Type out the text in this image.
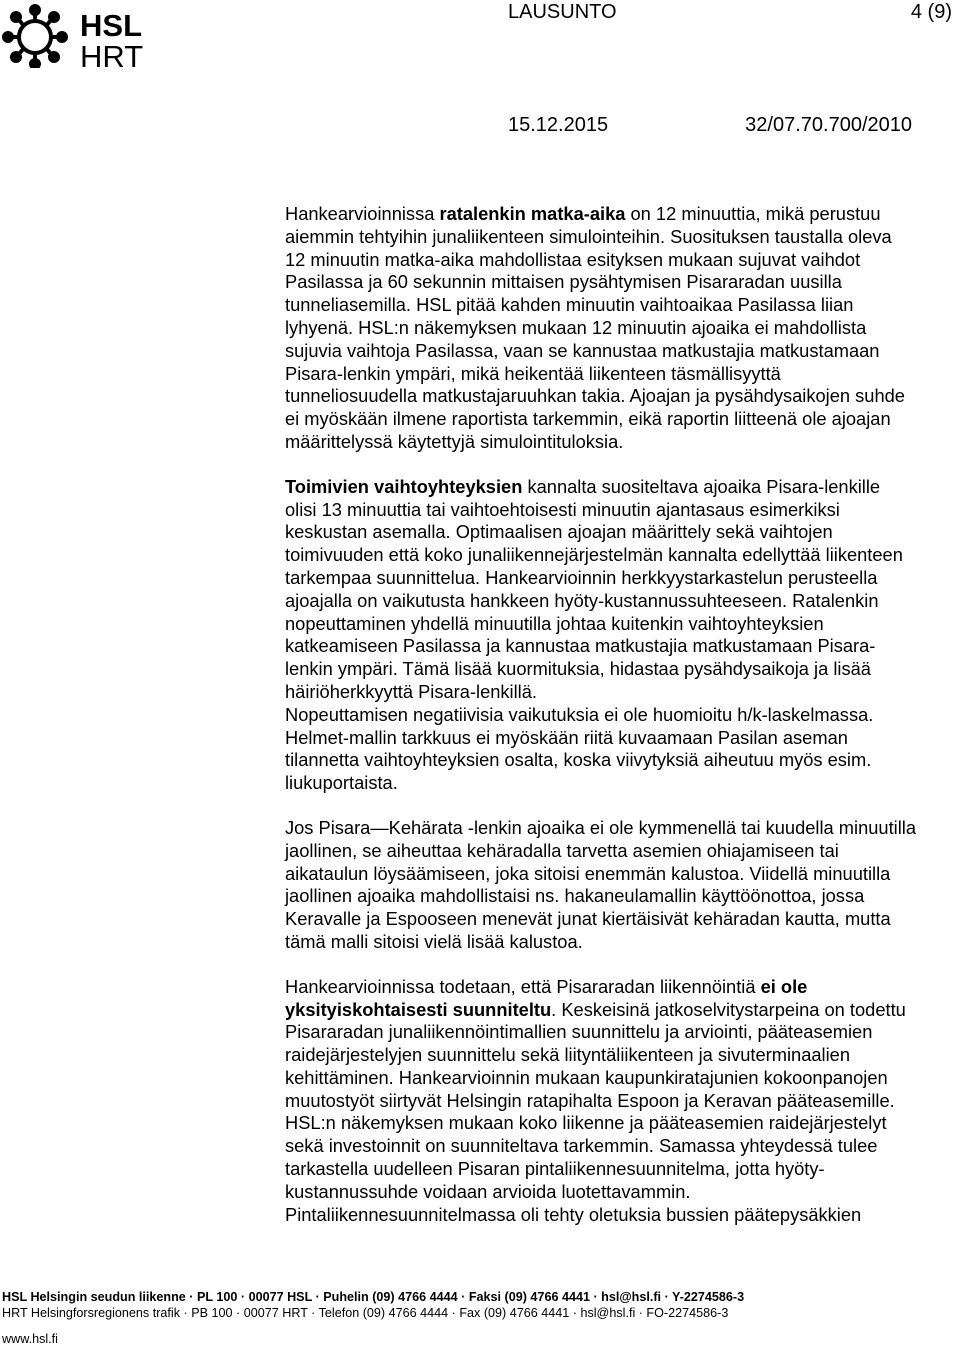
HSL
HRT
LAUSUNTO	4 (9)
15.12.2015	32/07.70.700/2010

Hankearvioinnissa ratalenkin matka-aika on 12 minuuttia, mikä perustuu
aiemmin tehtyihin junaliikenteen simulointeihin. Suosituksen taustalla oleva
12 minuutin matka-aika mahdollistaa esityksen mukaan sujuvat vaihdot
Pasilassa ja 60 sekunnin mittaisen pysähtymisen Pisararadan uusilla
tunneliasemilla. HSL pitää kahden minuutin vaihtoaikaa Pasilassa liian
lyhyenä. HSL:n näkemyksen mukaan 12 minuutin ajoaika ei mahdollista
sujuvia vaihtoja Pasilassa, vaan se kannustaa matkustajia matkustamaan
Pisara-lenkin ympäri, mikä heikentää liikenteen täsmällisyyttä
tunneliosuudella matkustajaruuhkan takia. Ajoajan ja pysähdysaikojen suhde
ei myöskään ilmene raportista tarkemmin, eikä raportin liitteenä ole ajoajan
määrittelyssä käytettyjä simulointituloksia.

Toimivien vaihtoyhteyksien kannalta suositeltava ajoaika Pisara-lenkille
olisi 13 minuuttia tai vaihtoehtoisesti minuutin ajantasaus esimerkiksi
keskustan asemalla. Optimaalisen ajoajan määrittely sekä vaihtojen
toimivuuden että koko junaliikennejärjestelmän kannalta edellyttää liikenteen
tarkempaa suunnittelua. Hankearvioinnin herkkyystarkastelun perusteella
ajoajalla on vaikutusta hankkeen hyöty-kustannussuhteeseen. Ratalenkin
nopeuttaminen yhdellä minuutilla johtaa kuitenkin vaihtoyhteyksien
katkeamiseen Pasilassa ja kannustaa matkustajia matkustamaan Pisara-
lenkin ympäri. Tämä lisää kuormituksia, hidastaa pysähdysaikoja ja lisää
häiriöherkkyyttä Pisara-lenkillä.
Nopeuttamisen negatiivisia vaikutuksia ei ole huomioitu h/k-laskelmassa.
Helmet-mallin tarkkuus ei myöskään riitä kuvaamaan Pasilan aseman
tilannetta vaihtoyhteyksien osalta, koska viivytyksiä aiheutuu myös esim.
liukuportaista.

Jos Pisara—Kehärata -lenkin ajoaika ei ole kymmenellä tai kuudella minuutilla
jaollinen, se aiheuttaa kehäradalla tarvetta asemien ohiajamiseen tai
aikataulun löysäämiseen, joka sitoisi enemmän kalustoa. Viidellä minuutilla
jaollinen ajoaika mahdollistaisi ns. hakaneulamallin käyttöönottoa, jossa
Keravalle ja Espooseen menevät junat kiertäisivät kehäradan kautta, mutta
tämä malli sitoisi vielä lisää kalustoa.

Hankearvioinnissa todetaan, että Pisararadan liikennöintiä ei ole
yksityiskohtaisesti suunniteltu. Keskeisinä jatkoselvitystarpeina on todettu
Pisararadan junaliikennöintimallien suunnittelu ja arviointi, pääteasemien
raidejärjestelyjen suunnittelu sekä liityntäliikenteen ja sivuterminaalien
kehittäminen. Hankearvioinnin mukaan kaupunkiratajunien kokoonpanojen
muutostyöt siirtyvät Helsingin ratapihalta Espoon ja Keravan pääteasemille.
HSL:n näkemyksen mukaan koko liikenne ja pääteasemien raidejärjestelyt
sekä investoinnit on suunniteltava tarkemmin. Samassa yhteydessä tulee
tarkastella uudelleen Pisaran pintaliikennesuunnitelma, jotta hyöty-
kustannussuhde voidaan arvioida luotettavammin.
Pintaliikennesuunnitelmassa oli tehty oletuksia bussien päätepysäkkien

HSL Helsingin seudun liikenne · PL 100 · 00077 HSL · Puhelin (09) 4766 4444 · Faksi (09) 4766 4441 · hsl@hsl.fi · Y-2274586-3
HRT Helsingforsregionens trafik · PB 100 · 00077 HRT · Telefon (09) 4766 4444 · Fax (09) 4766 4441 · hsl@hsl.fi · FO-2274586-3
www.hsl.fi
